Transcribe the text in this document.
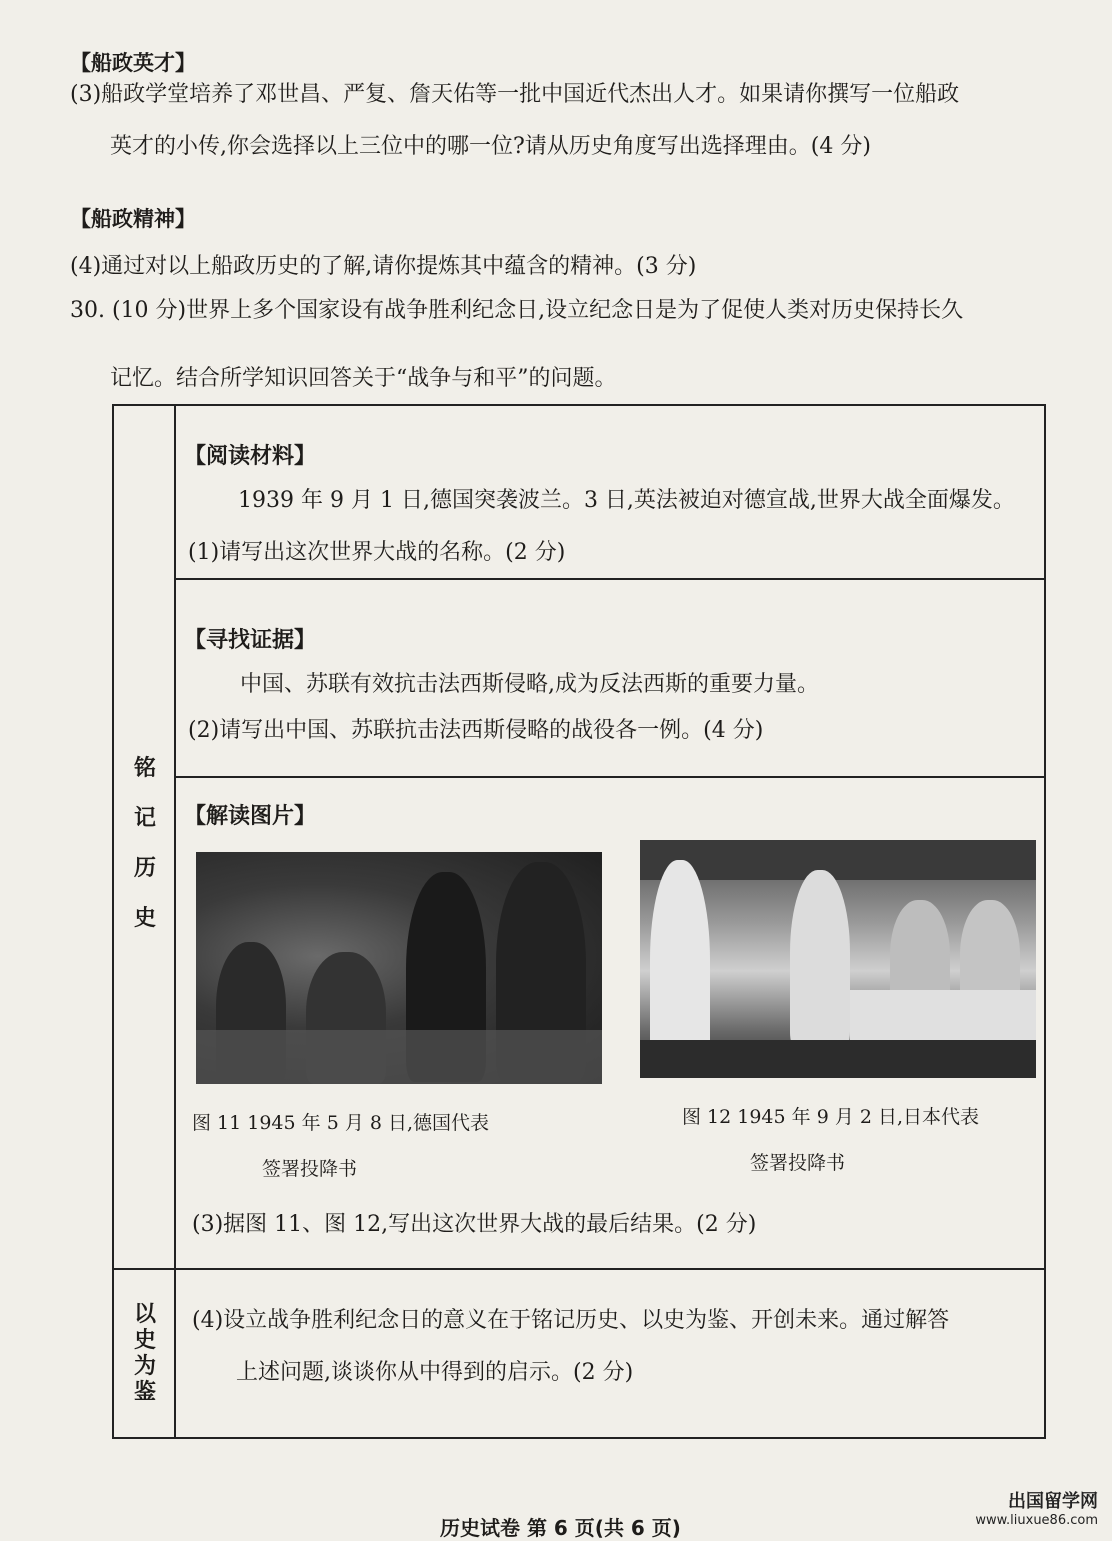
【船政英才】
(3)船政学堂培养了邓世昌、严复、詹天佑等一批中国近代杰出人才。如果请你撰写一位船政
英才的小传,你会选择以上三位中的哪一位?请从历史角度写出选择理由。(4 分)
【船政精神】
(4)通过对以上船政历史的了解,请你提炼其中蕴含的精神。(3 分)
30. (10 分)世界上多个国家设有战争胜利纪念日,设立纪念日是为了促使人类对历史保持长久
记忆。结合所学知识回答关于“战争与和平”的问题。
铭
记
历
史
以
史
为
鉴
【阅读材料】
1939 年 9 月 1 日,德国突袭波兰。3 日,英法被迫对德宣战,世界大战全面爆发。
(1)请写出这次世界大战的名称。(2 分)
【寻找证据】
中国、苏联有效抗击法西斯侵略,成为反法西斯的重要力量。
(2)请写出中国、苏联抗击法西斯侵略的战役各一例。(4 分)
【解读图片】
图 11 1945 年 5 月 8 日,德国代表
签署投降书
图 12 1945 年 9 月 2 日,日本代表
签署投降书
(3)据图 11、图 12,写出这次世界大战的最后结果。(2 分)
(4)设立战争胜利纪念日的意义在于铭记历史、以史为鉴、开创未来。通过解答
上述问题,谈谈你从中得到的启示。(2 分)
历史试卷 第 6 页(共 6 页)
出国留学网
www.liuxue86.com
